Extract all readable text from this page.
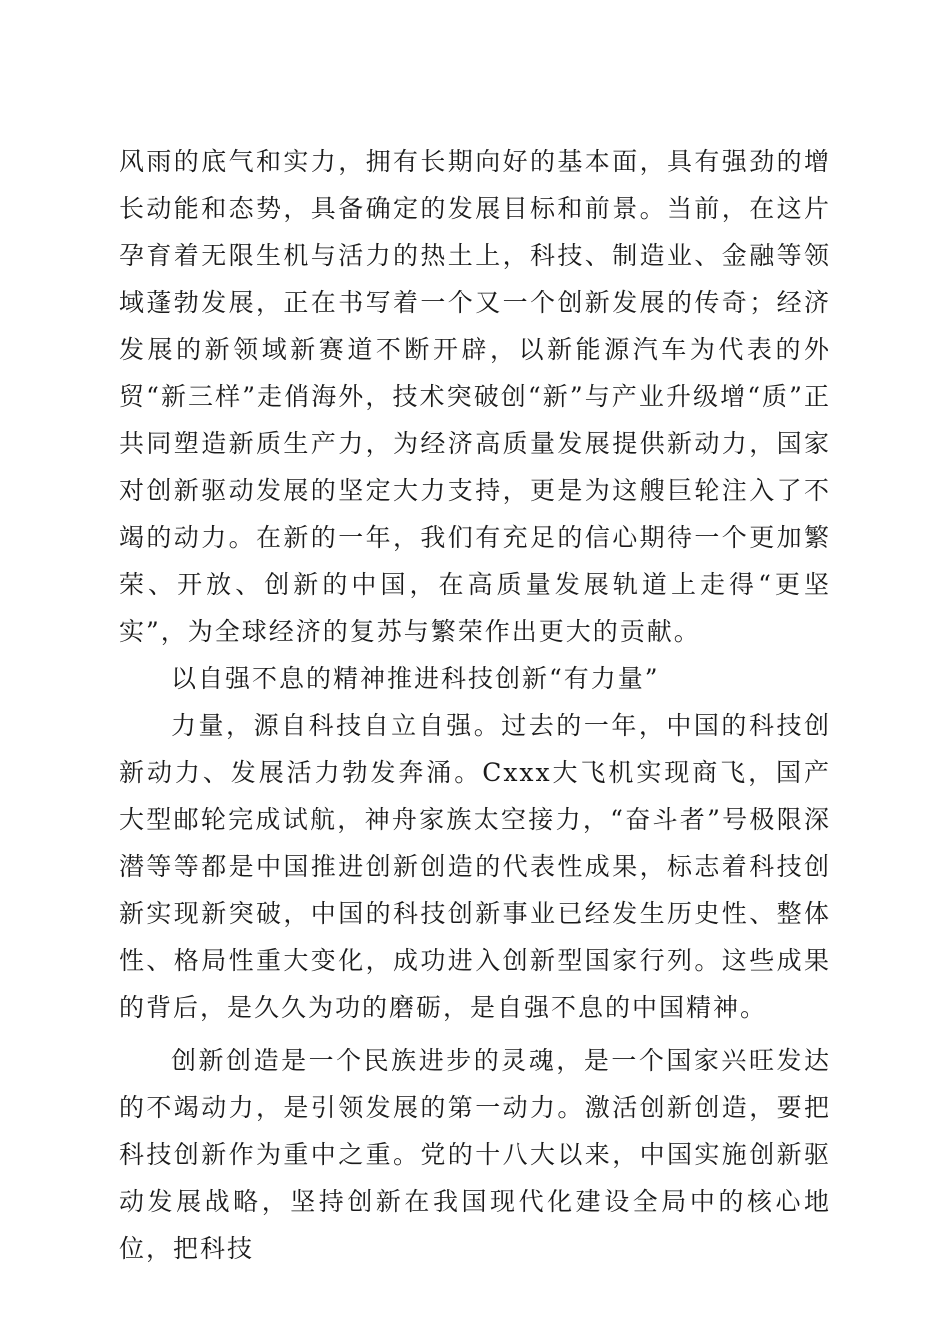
风雨的底气和实力，拥有长期向好的基本面，具有强劲的增长动能和态势，具备确定的发展目标和前景。当前，在这片孕育着无限生机与活力的热土上，科技、制造业、金融等领域蓬勃发展，正在书写着一个又一个创新发展的传奇；经济发展的新领域新赛道不断开辟，以新能源汽车为代表的外贸“新三样”走俏海外，技术突破创“新”与产业升级增“质”正共同塑造新质生产力，为经济高质量发展提供新动力，国家对创新驱动发展的坚定大力支持，更是为这艘巨轮注入了不竭的动力。在新的一年，我们有充足的信心期待一个更加繁荣、开放、创新的中国，在高质量发展轨道上走得“更坚实”，为全球经济的复苏与繁荣作出更大的贡献。

以自强不息的精神推进科技创新“有力量”

力量，源自科技自立自强。过去的一年，中国的科技创新动力、发展活力勃发奔涌。Cxxx大飞机实现商飞，国产大型邮轮完成试航，神舟家族太空接力，“奋斗者”号极限深潜等等都是中国推进创新创造的代表性成果，标志着科技创新实现新突破，中国的科技创新事业已经发生历史性、整体性、格局性重大变化，成功进入创新型国家行列。这些成果的背后，是久久为功的磨砺，是自强不息的中国精神。

创新创造是一个民族进步的灵魂，是一个国家兴旺发达的不竭动力，是引领发展的第一动力。激活创新创造，要把科技创新作为重中之重。党的十八大以来，中国实施创新驱动发展战略，坚持创新在我国现代化建设全局中的核心地位，把科技
